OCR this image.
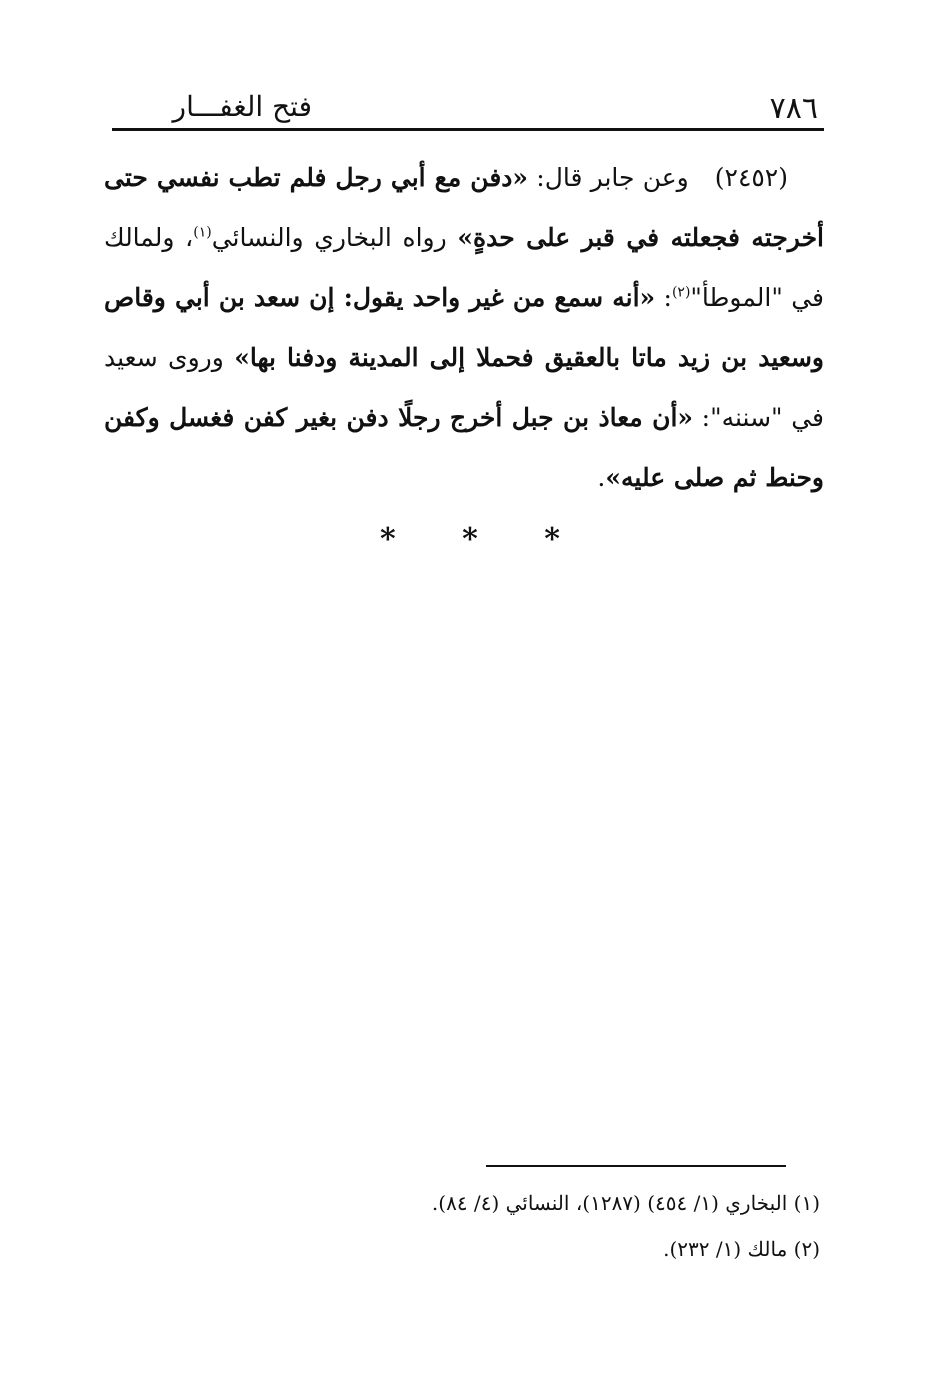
٧٨٦
فتح الغفـــار
(٢٤٥٢)وعن جابر قال: «دفن مع أبي رجل فلم تطب نفسي حتى أخرجته فجعلته في قبر على حدةٍ» رواه البخاري والنسائي$^{(١)}$، ولمالك في "الموطأ"$^{(٢)}$: «أنه سمع من غير واحد يقول: إن سعد بن أبي وقاص وسعيد بن زيد ماتا بالعقيق فحملا إلى المدينة ودفنا بها» وروى سعيد في "سننه": «أن معاذ بن جبل أخرج رجلًا دفن بغير كفن فغسل وكفن وحنط ثم صلى عليه».
*
*
*
(١) البخاري (١/ ٤٥٤) (١٢٨٧)، النسائي (٤/ ٨٤).
(٢) مالك (١/ ٢٣٢).
